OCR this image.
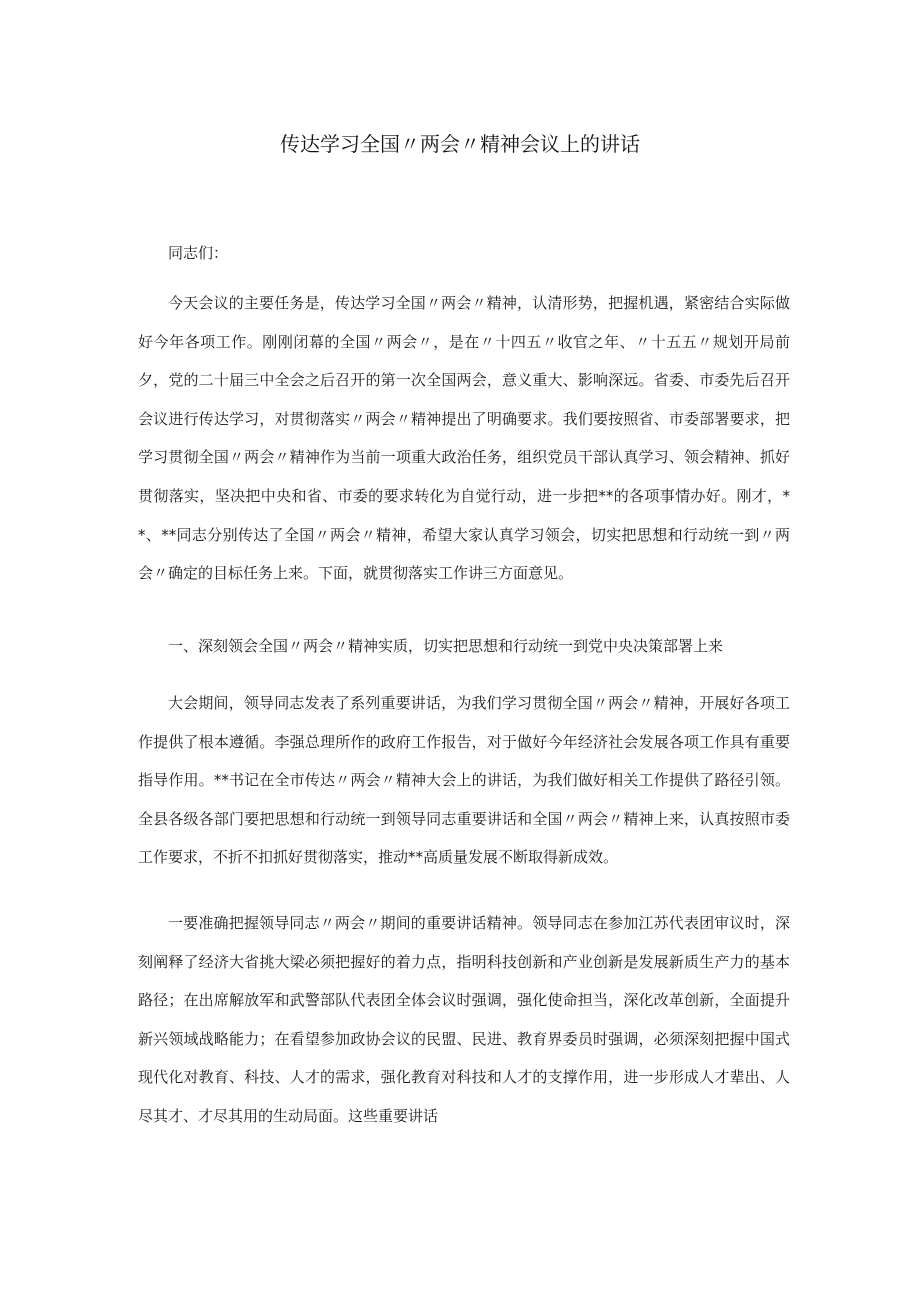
传达学习全国〃两会〃精神会议上的讲话

同志们：

今天会议的主要任务是，传达学习全国〃两会〃精神，认清形势，把握机遇，紧密结合实际做好今年各项工作。刚刚闭幕的全国〃两会〃，是在〃十四五〃收官之年、〃十五五〃规划开局前夕，党的二十届三中全会之后召开的第一次全国两会，意义重大、影响深远。省委、市委先后召开会议进行传达学习，对贯彻落实〃两会〃精神提出了明确要求。我们要按照省、市委部署要求，把学习贯彻全国〃两会〃精神作为当前一项重大政治任务，组织党员干部认真学习、领会精神、抓好贯彻落实，坚决把中央和省、市委的要求转化为自觉行动，进一步把**的各项事情办好。刚才，**、**同志分别传达了全国〃两会〃精神，希望大家认真学习领会，切实把思想和行动统一到〃两会〃确定的目标任务上来。下面，就贯彻落实工作讲三方面意见。

一、深刻领会全国〃两会〃精神实质，切实把思想和行动统一到党中央决策部署上来

大会期间，领导同志发表了系列重要讲话，为我们学习贯彻全国〃两会〃精神，开展好各项工作提供了根本遵循。李强总理所作的政府工作报告，对于做好今年经济社会发展各项工作具有重要指导作用。**书记在全市传达〃两会〃精神大会上的讲话，为我们做好相关工作提供了路径引领。全县各级各部门要把思想和行动统一到领导同志重要讲话和全国〃两会〃精神上来，认真按照市委工作要求，不折不扣抓好贯彻落实，推动**高质量发展不断取得新成效。

一要准确把握领导同志〃两会〃期间的重要讲话精神。领导同志在参加江苏代表团审议时，深刻阐释了经济大省挑大梁必须把握好的着力点，指明科技创新和产业创新是发展新质生产力的基本路径；在出席解放军和武警部队代表团全体会议时强调，强化使命担当，深化改革创新，全面提升新兴领域战略能力；在看望参加政协会议的民盟、民进、教育界委员时强调，必须深刻把握中国式现代化对教育、科技、人才的需求，强化教育对科技和人才的支撑作用，进一步形成人才辈出、人尽其才、才尽其用的生动局面。这些重要讲话
